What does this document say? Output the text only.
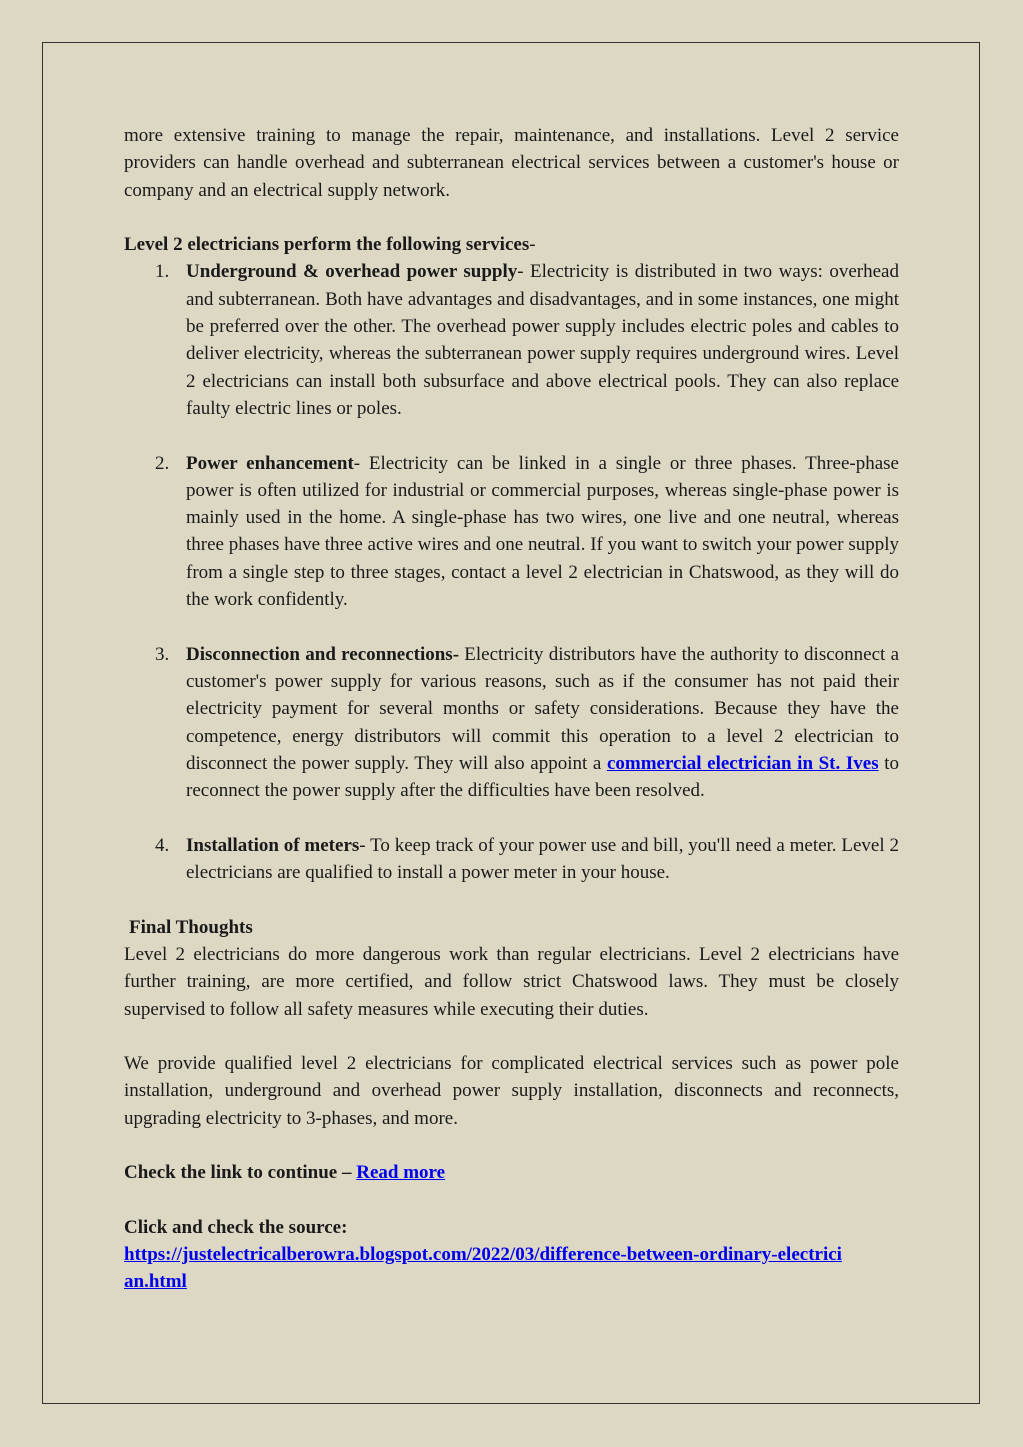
more extensive training to manage the repair, maintenance, and installations. Level 2 service providers can handle overhead and subterranean electrical services between a customer's house or company and an electrical supply network.

Level 2 electricians perform the following services-

1. Underground & overhead power supply- Electricity is distributed in two ways: overhead and subterranean. Both have advantages and disadvantages, and in some instances, one might be preferred over the other. The overhead power supply includes electric poles and cables to deliver electricity, whereas the subterranean power supply requires underground wires. Level 2 electricians can install both subsurface and above electrical pools. They can also replace faulty electric lines or poles.
2. Power enhancement- Electricity can be linked in a single or three phases. Three-phase power is often utilized for industrial or commercial purposes, whereas single-phase power is mainly used in the home. A single-phase has two wires, one live and one neutral, whereas three phases have three active wires and one neutral. If you want to switch your power supply from a single step to three stages, contact a level 2 electrician in Chatswood, as they will do the work confidently.
3. Disconnection and reconnections- Electricity distributors have the authority to disconnect a customer's power supply for various reasons, such as if the consumer has not paid their electricity payment for several months or safety considerations. Because they have the competence, energy distributors will commit this operation to a level 2 electrician to disconnect the power supply. They will also appoint a commercial electrician in St. Ives to reconnect the power supply after the difficulties have been resolved.
4. Installation of meters- To keep track of your power use and bill, you'll need a meter. Level 2 electricians are qualified to install a power meter in your house.

Final Thoughts

Level 2 electricians do more dangerous work than regular electricians. Level 2 electricians have further training, are more certified, and follow strict Chatswood laws. They must be closely supervised to follow all safety measures while executing their duties.

We provide qualified level 2 electricians for complicated electrical services such as power pole installation, underground and overhead power supply installation, disconnects and reconnects, upgrading electricity to 3-phases, and more.

Check the link to continue – Read more

Click and check the source:

https://justelectricalberowra.blogspot.com/2022/03/difference-between-ordinary-electrician.html
